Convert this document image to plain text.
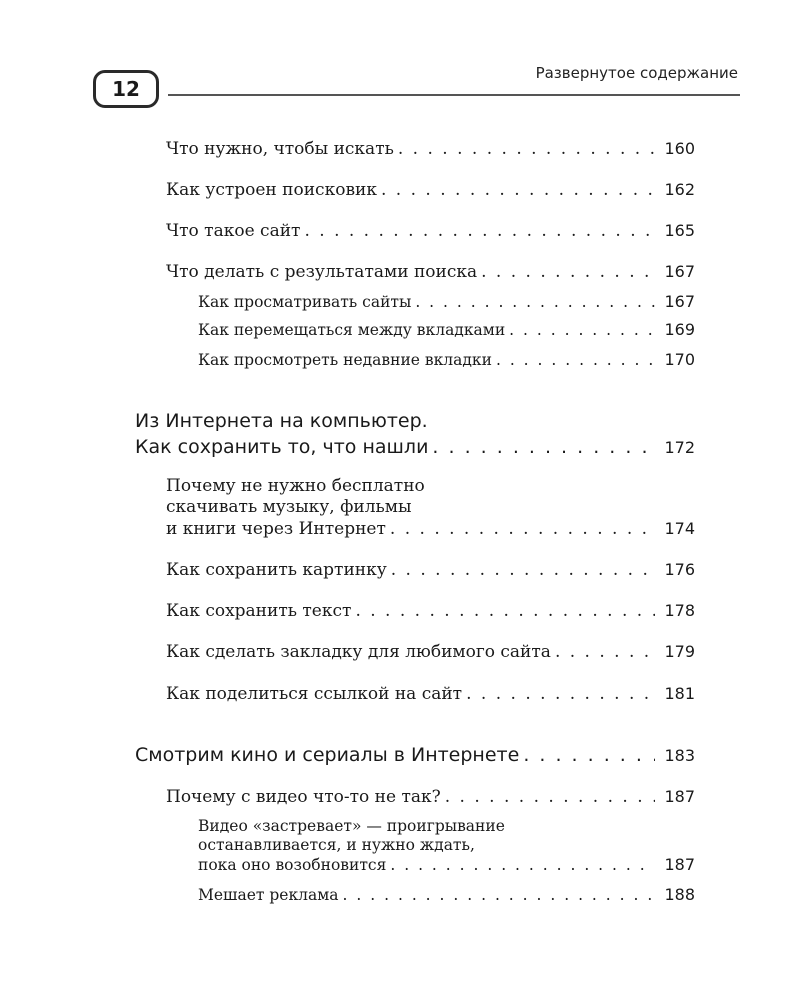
12
Развернутое содержание
Что нужно, чтобы искать . . .	160
Как устроен поисковик . . .	162
Что такое сайт . . .	165
Что делать с результатами поиска . . .	167
Как просматривать сайты . . .	167
Как перемещаться между вкладками . . .	169
Как просмотреть недавние вкладки . . .	170
Из Интернета на компьютер.
Как сохранить то, что нашли . . .	172
Почему не нужно бесплатно
скачивать музыку, фильмы
и книги через Интернет . . .	174
Как сохранить картинку . . .	176
Как сохранить текст . . .	178
Как сделать закладку для любимого сайта . . .	179
Как поделиться ссылкой на сайт . . .	181
Смотрим кино и сериалы в Интернете . . .	183
Почему с видео что-то не так? . . .	187
Видео «застревает» — проигрывание
останавливается, и нужно ждать,
пока оно возобновится . . .	187
Мешает реклама . . .	188
